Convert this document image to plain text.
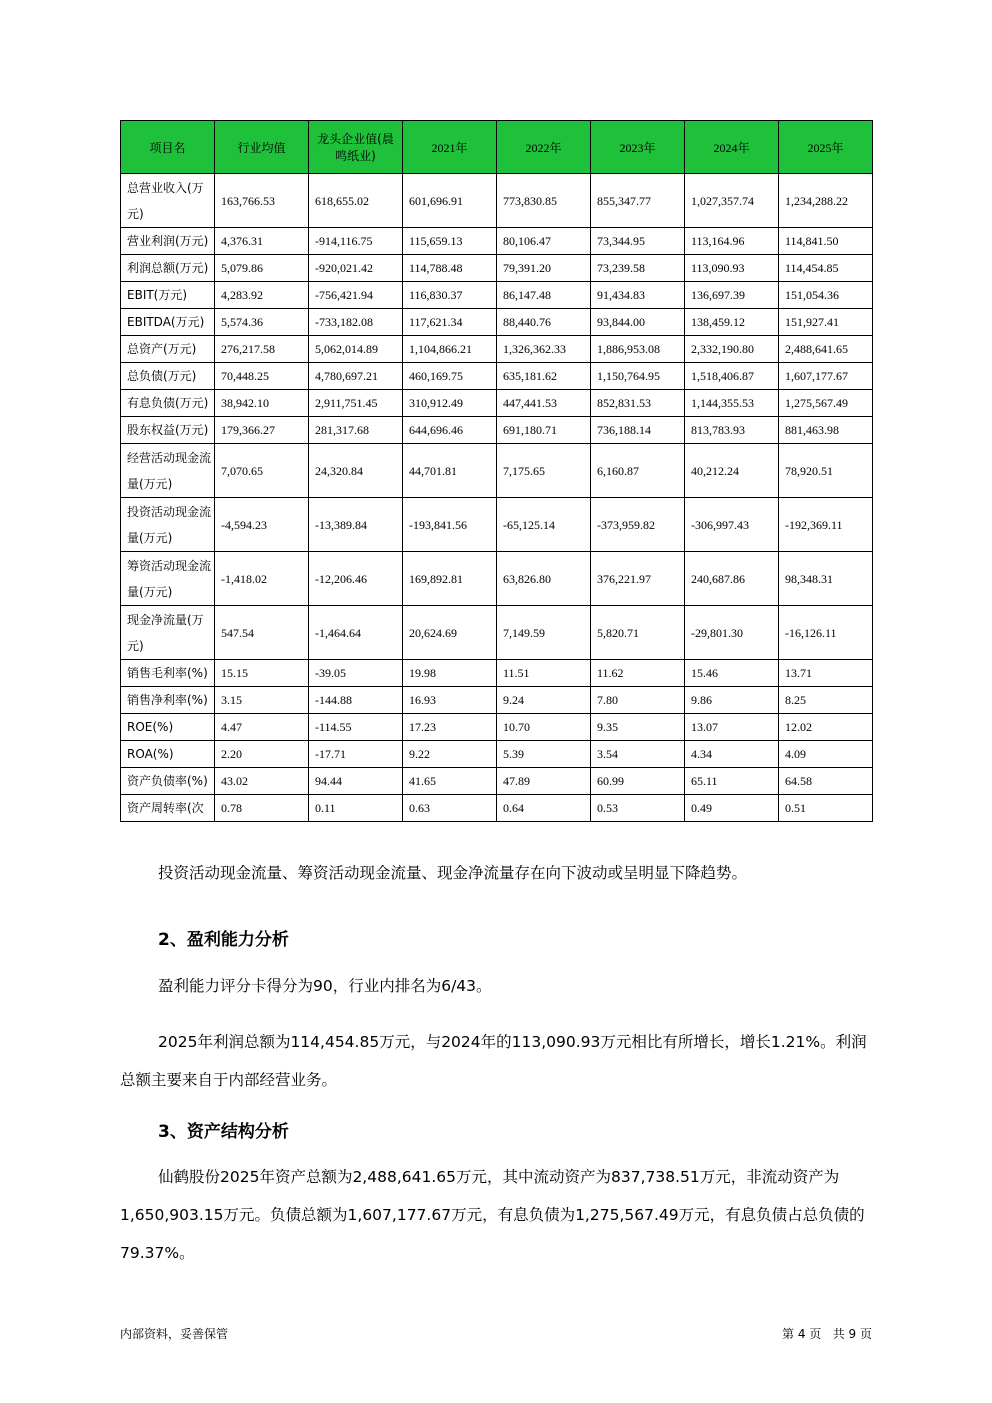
项目名	行业均值	龙头企业值(晨鸣纸业)	2021年	2022年	2023年	2024年	2025年
总营业收入(万元)	163,766.53	618,655.02	601,696.91	773,830.85	855,347.77	1,027,357.74	1,234,288.22
营业利润(万元)	4,376.31	-914,116.75	115,659.13	80,106.47	73,344.95	113,164.96	114,841.50
利润总额(万元)	5,079.86	-920,021.42	114,788.48	79,391.20	73,239.58	113,090.93	114,454.85
EBIT(万元)	4,283.92	-756,421.94	116,830.37	86,147.48	91,434.83	136,697.39	151,054.36
EBITDA(万元)	5,574.36	-733,182.08	117,621.34	88,440.76	93,844.00	138,459.12	151,927.41
总资产(万元)	276,217.58	5,062,014.89	1,104,866.21	1,326,362.33	1,886,953.08	2,332,190.80	2,488,641.65
总负债(万元)	70,448.25	4,780,697.21	460,169.75	635,181.62	1,150,764.95	1,518,406.87	1,607,177.67
有息负债(万元)	38,942.10	2,911,751.45	310,912.49	447,441.53	852,831.53	1,144,355.53	1,275,567.49
股东权益(万元)	179,366.27	281,317.68	644,696.46	691,180.71	736,188.14	813,783.93	881,463.98
经营活动现金流量(万元)	7,070.65	24,320.84	44,701.81	7,175.65	6,160.87	40,212.24	78,920.51
投资活动现金流量(万元)	-4,594.23	-13,389.84	-193,841.56	-65,125.14	-373,959.82	-306,997.43	-192,369.11
筹资活动现金流量(万元)	-1,418.02	-12,206.46	169,892.81	63,826.80	376,221.97	240,687.86	98,348.31
现金净流量(万元)	547.54	-1,464.64	20,624.69	7,149.59	5,820.71	-29,801.30	-16,126.11
销售毛利率(%)	15.15	-39.05	19.98	11.51	11.62	15.46	13.71
销售净利率(%)	3.15	-144.88	16.93	9.24	7.80	9.86	8.25
ROE(%)	4.47	-114.55	17.23	10.70	9.35	13.07	12.02
ROA(%)	2.20	-17.71	9.22	5.39	3.54	4.34	4.09
资产负债率(%)	43.02	94.44	41.65	47.89	60.99	65.11	64.58
资产周转率(次	0.78	0.11	0.63	0.64	0.53	0.49	0.51

投资活动现金流量、筹资活动现金流量、现金净流量存在向下波动或呈明显下降趋势。

2、盈利能力分析

盈利能力评分卡得分为90，行业内排名为6/43。

2025年利润总额为114,454.85万元，与2024年的113,090.93万元相比有所增长，增长1.21%。利润总额主要来自于内部经营业务。

3、资产结构分析

仙鹤股份2025年资产总额为2,488,641.65万元，其中流动资产为837,738.51万元，非流动资产为1,650,903.15万元。负债总额为1,607,177.67万元，有息负债为1,275,567.49万元，有息负债占总负债的79.37%。

内部资料，妥善保管	第 4 页   共 9 页
